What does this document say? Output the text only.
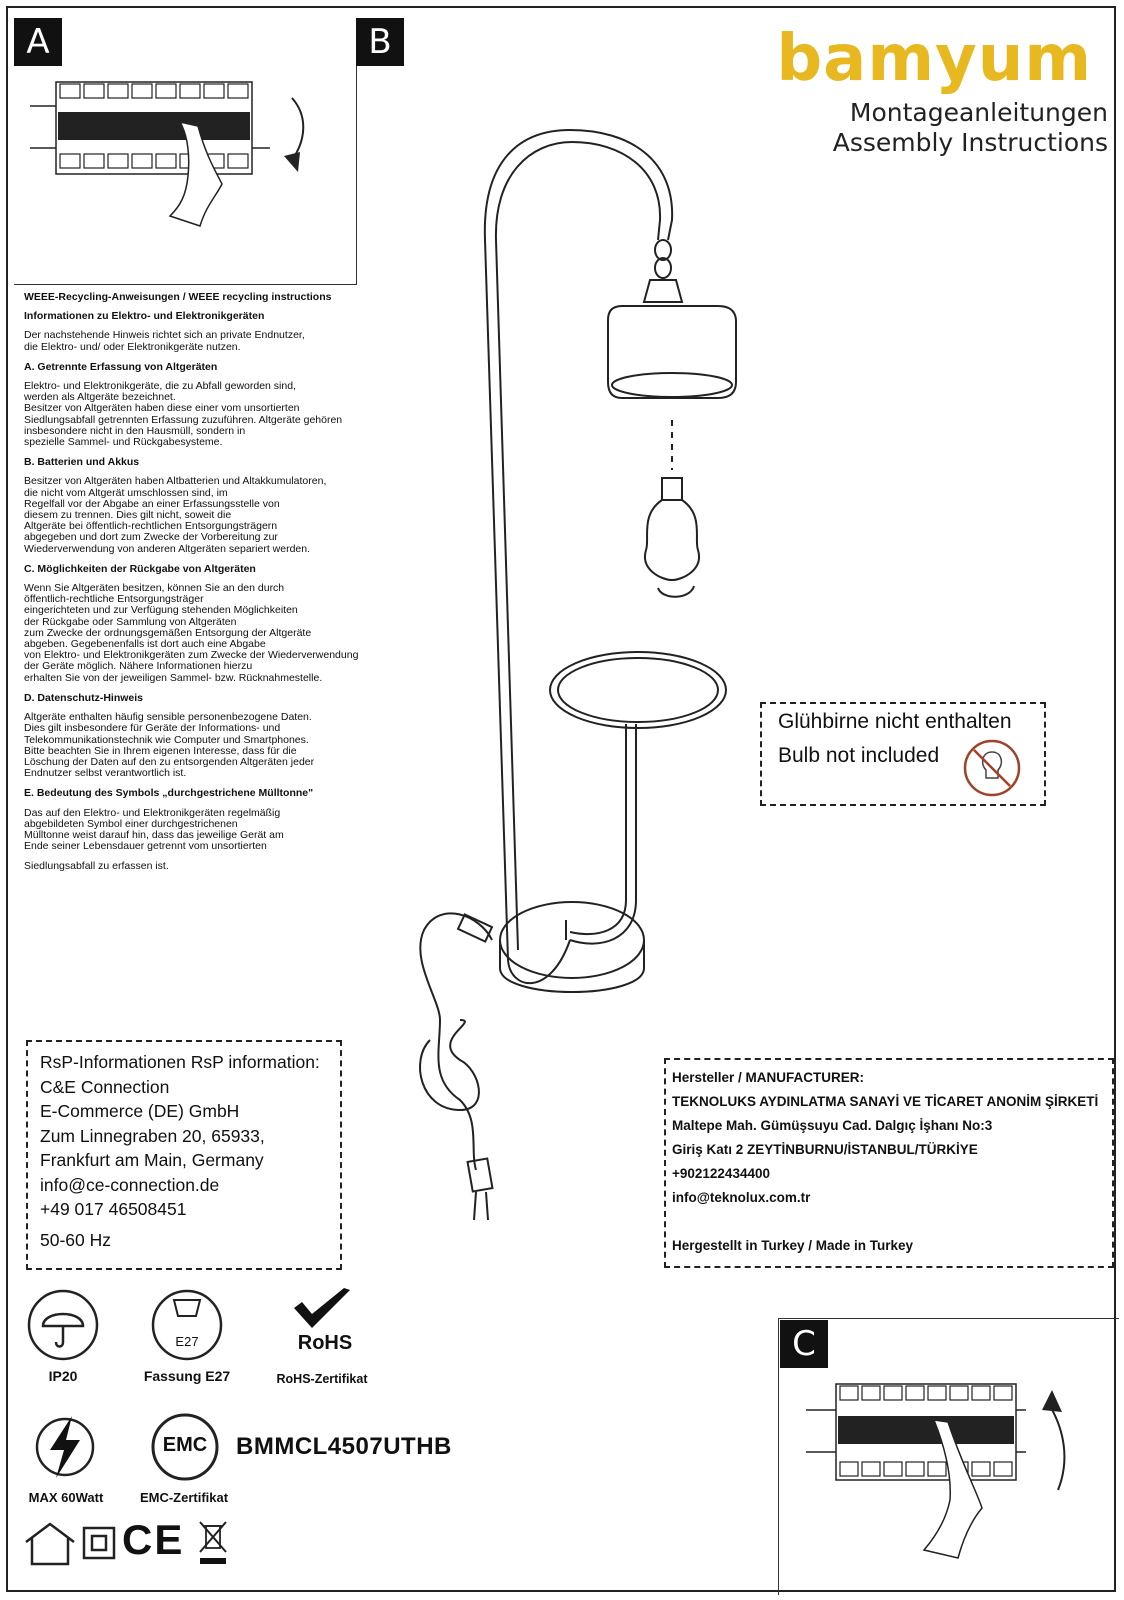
A	B	bamyum
Montageanleitungen
Assembly Instructions
WEEE-Recycling-Anweisungen / WEEE recycling instructions
Informationen zu Elektro- und Elektronikgeräten

Der nachstehende Hinweis richtet sich an private Endnutzer,
die Elektro- und/ oder Elektronikgeräte nutzen.

A. Getrennte Erfassung von Altgeräten

Elektro- und Elektronikgeräte, die zu Abfall geworden sind,
werden als Altgeräte bezeichnet.
Besitzer von Altgeräten haben diese einer vom unsortierten
Siedlungsabfall getrennten Erfassung zuzuführen. Altgeräte gehören
insbesondere nicht in den Hausmüll, sondern in
spezielle Sammel- und Rückgabesysteme.

B. Batterien und Akkus

Besitzer von Altgeräten haben Altbatterien und Altakkumulatoren,
die nicht vom Altgerät umschlossen sind, im
Regelfall vor der Abgabe an einer Erfassungsstelle von
diesem zu trennen. Dies gilt nicht, soweit die
Altgeräte bei öffentlich-rechtlichen Entsorgungsträgern
abgegeben und dort zum Zwecke der Vorbereitung zur
Wiederverwendung von anderen Altgeräten separiert werden.

C. Möglichkeiten der Rückgabe von Altgeräten

Wenn Sie Altgeräten besitzen, können Sie an den durch
öffentlich-rechtliche Entsorgungsträger
eingerichteten und zur Verfügung stehenden Möglichkeiten
der Rückgabe oder Sammlung von Altgeräten
zum Zwecke der ordnungsgemäßen Entsorgung der Altgeräte
abgeben. Gegebenenfalls ist dort auch eine Abgabe
von Elektro- und Elektronikgeräten zum Zwecke der Wiederverwendung
der Geräte möglich. Nähere Informationen hierzu
erhalten Sie von der jeweiligen Sammel- bzw. Rücknahmestelle.

D. Datenschutz-Hinweis

Altgeräte enthalten häufig sensible personenbezogene Daten.
Dies gilt insbesondere für Geräte der Informations- und
Telekommunikationstechnik wie Computer und Smartphones.
Bitte beachten Sie in Ihrem eigenen Interesse, dass für die
Löschung der Daten auf den zu entsorgenden Altgeräten jeder
Endnutzer selbst verantwortlich ist.

E. Bedeutung des Symbols „durchgestrichene Mülltonne"

Das auf den Elektro- und Elektronikgeräten regelmäßig
abgebildeten Symbol einer durchgestrichenen
Mülltonne weist darauf hin, dass das jeweilige Gerät am
Ende seiner Lebensdauer getrennt vom unsortierten

Siedlungsabfall zu erfassen ist.

Glühbirne nicht enthalten
Bulb not included
RsP-Informationen RsP information:
C&E Connection
E-Commerce (DE) GmbH
Zum Linnegraben 20, 65933,
Frankfurt am Main, Germany
info@ce-connection.de
+49 017 46508451
50-60 Hz
Hersteller / MANUFACTURER:
TEKNOLUKS AYDINLATMA SANAYİ VE TİCARET ANONİM ŞİRKETİ
Maltepe Mah. Gümüşsuyu Cad. Dalgıç İşhanı No:3
Giriş Katı 2 ZEYTİNBURNU/İSTANBUL/TÜRKİYE
+902122434400
info@teknolux.com.tr
Hergestellt in Turkey / Made in Turkey
IP20
E27
Fassung E27
RoHS
RoHS-Zertifikat
MAX 60Watt
EMC
EMC-Zertifikat
BMMCL4507UTHB
CE
C
